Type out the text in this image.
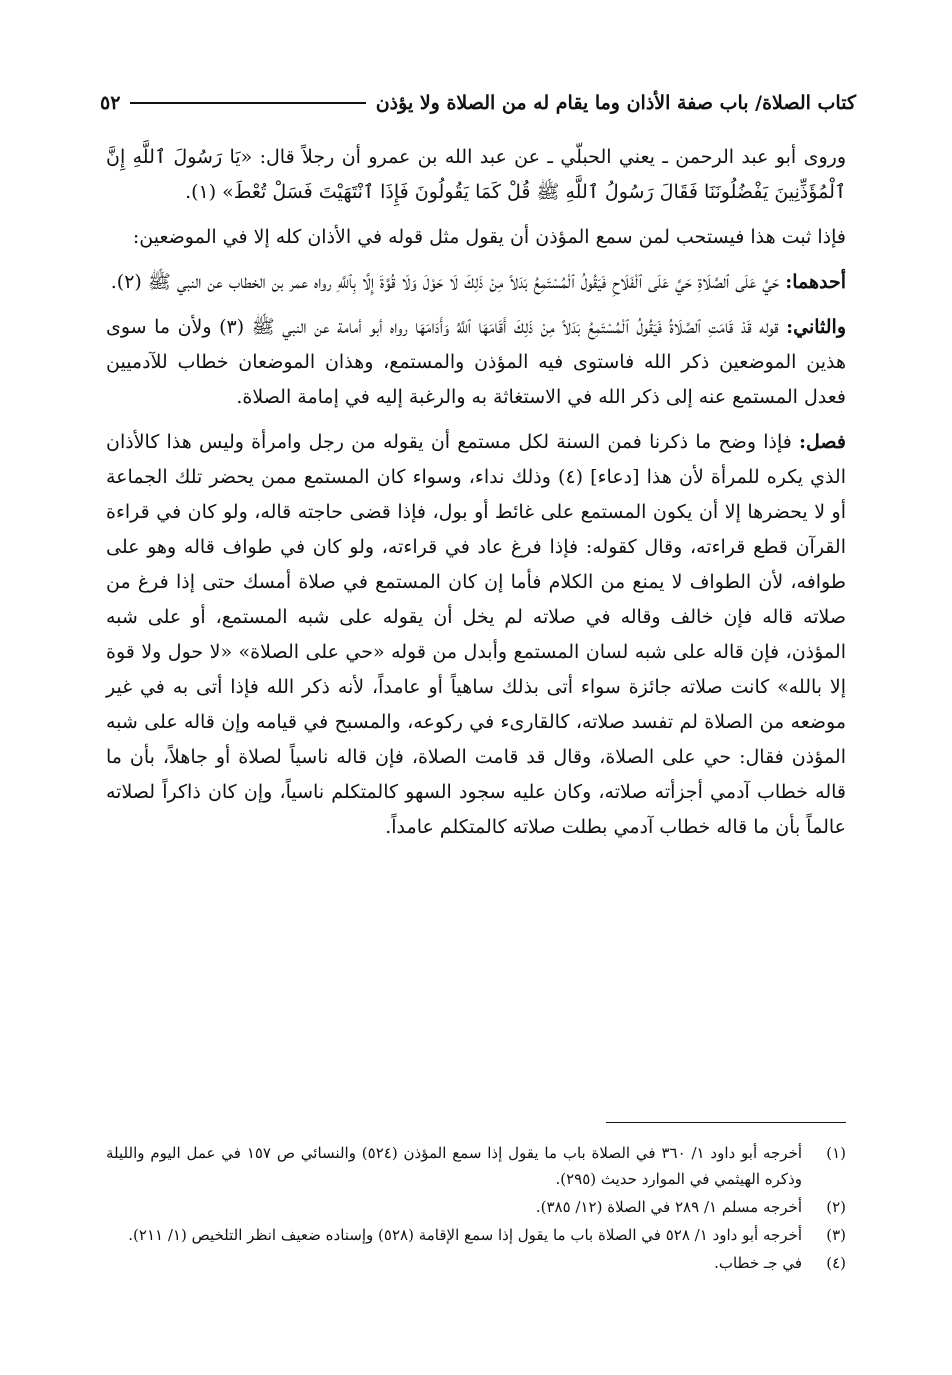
٥٢	كتاب الصلاة/ باب صفة الأذان وما يقام له من الصلاة ولا يؤذن

وروى أبو عبد الرحمن ـ يعني الحبلّي ـ عن عبد الله بن عمرو أن رجلاً قال: «يَا رَسُولَ ٱللَّهِ إِنَّ ٱلْمُؤَذِّنِينَ يَفْضُلُونَنَا فَقَالَ رَسُولُ ٱللَّهِ ﷺ قُلْ كَمَا يَقُولُونَ فَإِذَا ٱنْتَهَيْتَ فَسَلْ تُعْطَ» (١).

فإذا ثبت هذا فيستحب لمن سمع المؤذن أن يقول مثل قوله في الأذان كله إلا في الموضعين:

أحدهما: حَيَّ عَلَى ٱلصَّلَاةِ حَيَّ عَلَى ٱلْفَلَاحِ فَيَقُولُ ٱلْمُسْتَمِعُ بَدَلاً مِنْ ذَلِكَ لَا حَوْلَ وَلَا قُوَّةَ إِلَّا بِٱللَّهِ رواه عمر بن الخطاب عن النبي ﷺ (٢).

والثاني: قوله قَدْ قَامَتِ ٱلصَّلَاةُ فَيَقُولُ ٱلْمُسْتَمِعُ بَدَلاً مِنْ ذَلِكَ أَقَامَهَا ٱللَّهُ وَأَدَامَهَا رواه أبو أمامة عن النبي ﷺ (٣) ولأن ما سوى هذين الموضعين ذكر الله فاستوى فيه المؤذن والمستمع، وهذان الموضعان خطاب للآدميين فعدل المستمع عنه إلى ذكر الله في الاستغاثة به والرغبة إليه في إمامة الصلاة.

فصل: فإذا وضح ما ذكرنا فمن السنة لكل مستمع أن يقوله من رجل وامرأة وليس هذا كالأذان الذي يكره للمرأة لأن هذا [دعاء] (٤) وذلك نداء، وسواء كان المستمع ممن يحضر تلك الجماعة أو لا يحضرها إلا أن يكون المستمع على غائط أو بول، فإذا قضى حاجته قاله، ولو كان في قراءة القرآن قطع قراءته، وقال كقوله: فإذا فرغ عاد في قراءته، ولو كان في طواف قاله وهو على طوافه، لأن الطواف لا يمنع من الكلام فأما إن كان المستمع في صلاة أمسك حتى إذا فرغ من صلاته قاله فإن خالف وقاله في صلاته لم يخل أن يقوله على شبه المستمع، أو على شبه المؤذن، فإن قاله على شبه لسان المستمع وأبدل من قوله «حي على الصلاة» «لا حول ولا قوة إلا بالله» كانت صلاته جائزة سواء أتى بذلك ساهياً أو عامداً، لأنه ذكر الله فإذا أتى به في غير موضعه من الصلاة لم تفسد صلاته، كالقارىء في ركوعه، والمسبح في قيامه وإن قاله على شبه المؤذن فقال: حي على الصلاة، وقال قد قامت الصلاة، فإن قاله ناسياً لصلاة أو جاهلاً، بأن ما قاله خطاب آدمي أجزأته صلاته، وكان عليه سجود السهو كالمتكلم ناسياً، وإن كان ذاكراً لصلاته عالماً بأن ما قاله خطاب آدمي بطلت صلاته كالمتكلم عامداً.

(١)
أخرجه أبو داود ١/ ٣٦٠ في الصلاة باب ما يقول إذا سمع المؤذن (٥٢٤) والنسائي ص ١٥٧ في عمل اليوم والليلة وذكره الهيثمي في الموارد حديث (٢٩٥).
(٢)
أخرجه مسلم ١/ ٢٨٩ في الصلاة (١٢/ ٣٨٥).
(٣)
أخرجه أبو داود ١/ ٥٢٨ في الصلاة باب ما يقول إذا سمع الإقامة (٥٢٨) وإسناده ضعيف انظر التلخيص (١/ ٢١١).
(٤)
في جـ خطاب.
